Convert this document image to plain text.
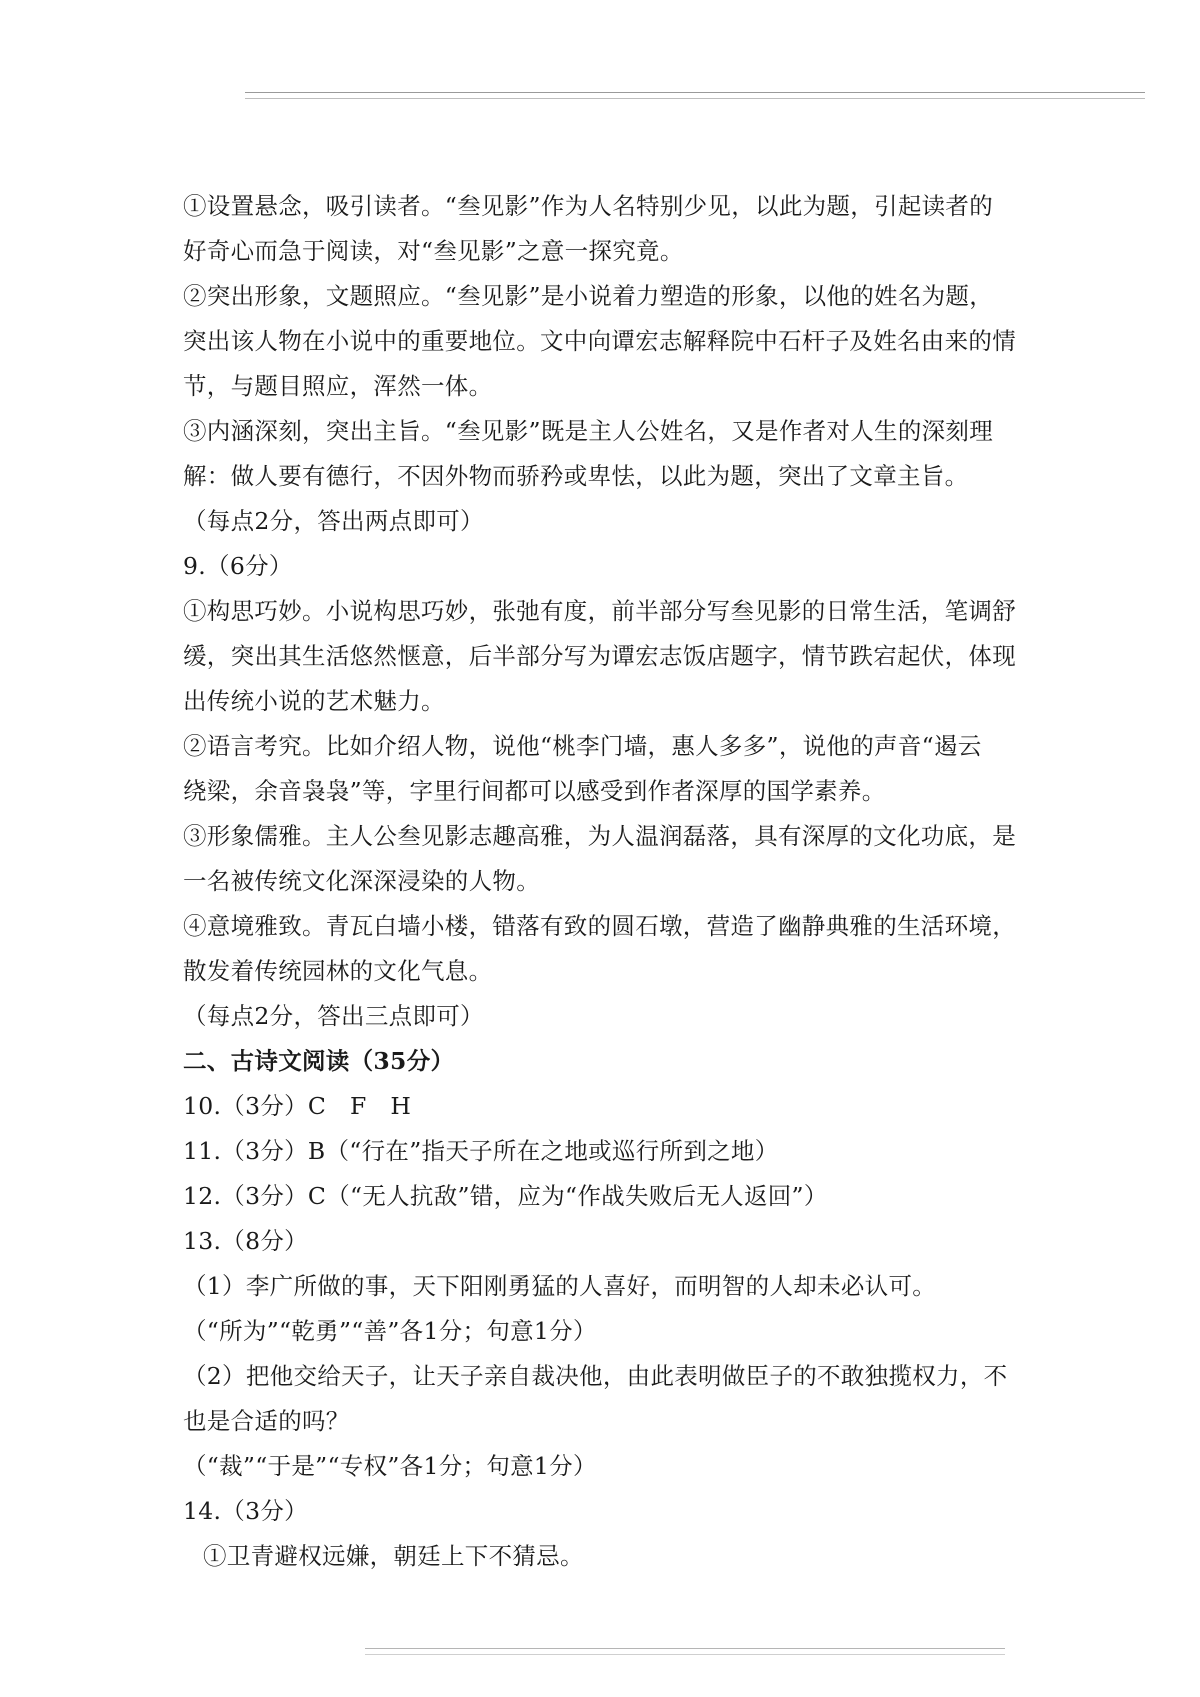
①设置悬念，吸引读者。“叁见影”作为人名特别少见，以此为题，引起读者的
好奇心而急于阅读，对“叁见影”之意一探究竟。
②突出形象，文题照应。“叁见影”是小说着力塑造的形象，以他的姓名为题，
突出该人物在小说中的重要地位。文中向谭宏志解释院中石杆子及姓名由来的情
节，与题目照应，浑然一体。
③内涵深刻，突出主旨。“叁见影”既是主人公姓名，又是作者对人生的深刻理
解：做人要有德行，不因外物而骄矜或卑怯，以此为题，突出了文章主旨。
（每点2分，答出两点即可）
9.（6分）
①构思巧妙。小说构思巧妙，张弛有度，前半部分写叁见影的日常生活，笔调舒
缓，突出其生活悠然惬意，后半部分写为谭宏志饭店题字，情节跌宕起伏，体现
出传统小说的艺术魅力。
②语言考究。比如介绍人物，说他“桃李门墙，惠人多多”，说他的声音“遏云
绕梁，余音袅袅”等，字里行间都可以感受到作者深厚的国学素养。
③形象儒雅。主人公叁见影志趣高雅，为人温润磊落，具有深厚的文化功底，是
一名被传统文化深深浸染的人物。
④意境雅致。青瓦白墙小楼，错落有致的圆石墩，营造了幽静典雅的生活环境，
散发着传统园林的文化气息。
（每点2分，答出三点即可）
二、古诗文阅读（35分）
10.（3分）C　F　H
11.（3分）B（“行在”指天子所在之地或巡行所到之地）
12.（3分）C（“无人抗敌”错，应为“作战失败后无人返回”）
13.（8分）
（1）李广所做的事，天下阳刚勇猛的人喜好，而明智的人却未必认可。
（“所为”“乾勇”“善”各1分；句意1分）
（2）把他交给天子，让天子亲自裁决他，由此表明做臣子的不敢独揽权力，不
也是合适的吗？
（“裁”“于是”“专权”各1分；句意1分）
14.（3分）
①卫青避权远嫌，朝廷上下不猜忌。
